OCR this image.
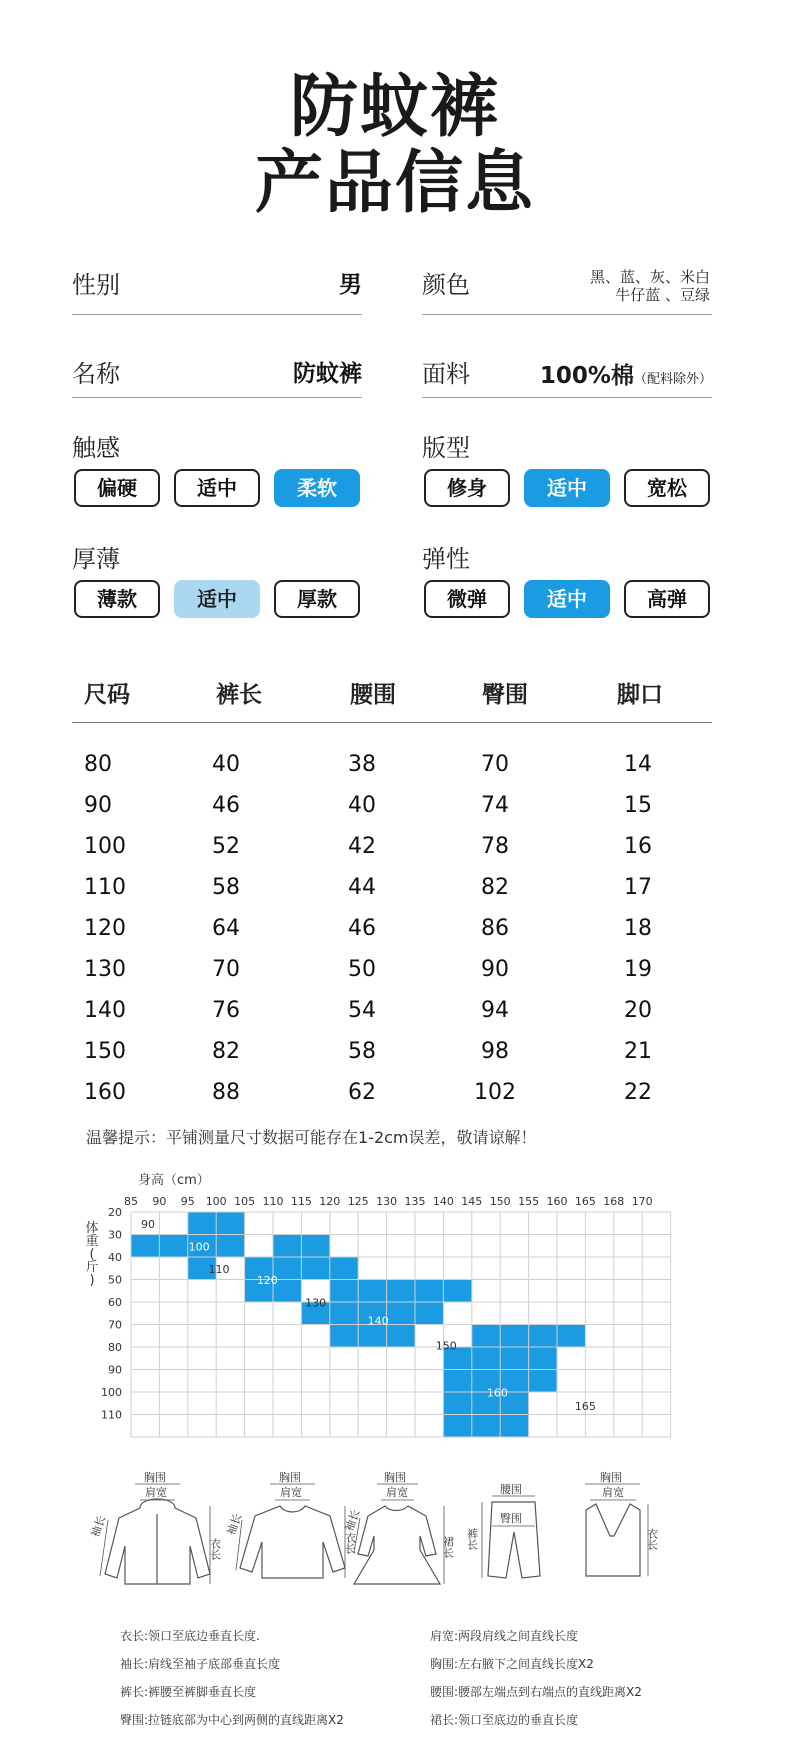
防蚊裤
产品信息
性别	男	颜色	黑、蓝、灰、米白
牛仔蓝 、豆绿
名称	防蚊裤	面料	100%棉（配料除外）
触感
偏硬	适中	柔软
版型
修身	适中	宽松
厚薄
薄款	适中	厚款
弹性
微弹	适中	高弹
尺码	裤长	腰围	臀围	脚口
80	40	38	70	14
90	46	40	74	15
100	52	42	78	16
110	58	44	82	17
120	64	46	86	18
130	70	50	90	19
140	76	54	94	20
150	82	58	98	21
160	88	62	102	22
温馨提示：平铺测量尺寸数据可能存在1-2cm误差，敬请谅解！
身高（cm）
85 90 95 100 105 110 115 120 125 130 135 140 145 150 155 160 165 168 170
20
30
40
50
60
70
80
90
100
110
体
重
(
斤
)
90
100
110
120
130
140
150
160
165
胸围
肩宽
袖长
衣长
胸围
肩宽
袖长
衣长
胸围
肩宽
袖长
裙长
腰围
臀围
裤长
胸围
肩宽
衣长
衣长:领口至底边垂直长度.	肩宽:两段肩线之间直线长度
袖长:肩线至袖子底部垂直长度	胸围:左右腋下之间直线长度X2
裤长:裤腰至裤脚垂直长度	腰围:腰部左端点到右端点的直线距离X2
臀围:拉链底部为中心到两侧的直线距离X2	裙长:领口至底边的垂直长度
